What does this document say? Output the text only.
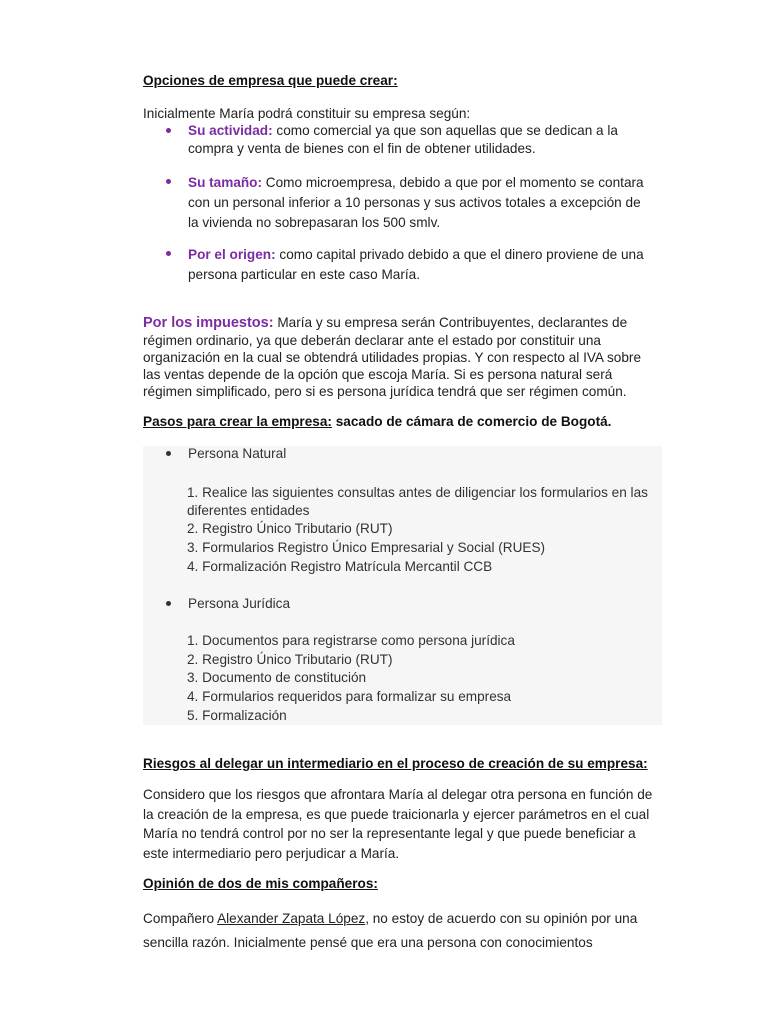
Opciones de empresa que puede crear:
Inicialmente María podrá constituir su empresa según:
Su actividad: como comercial ya que son aquellas que se dedican a la
compra y venta de bienes con el fin de obtener utilidades.
Su tamaño: Como microempresa, debido a que por el momento se contara
con un personal inferior a 10 personas y sus activos totales a excepción de
la vivienda no sobrepasaran los 500 smlv.
Por el origen: como capital privado debido a que el dinero proviene de una
persona particular en este caso María.
Por los impuestos: María y su empresa serán Contribuyentes, declarantes de
régimen ordinario, ya que deberán declarar ante el estado por constituir una
organización en la cual se obtendrá utilidades propias. Y con respecto al IVA sobre
las ventas depende de la opción que escoja María. Si es persona natural será
régimen simplificado, pero si es persona jurídica tendrá que ser régimen común.
Pasos para crear la empresa: sacado de cámara de comercio de Bogotá.
Persona Natural
1. Realice las siguientes consultas antes de diligenciar los formularios en las
diferentes entidades
2. Registro Único Tributario (RUT)
3. Formularios Registro Único Empresarial y Social (RUES)
4. Formalización Registro Matrícula Mercantil CCB
Persona Jurídica
1. Documentos para registrarse como persona jurídica
2. Registro Único Tributario (RUT)
3. Documento de constitución
4. Formularios requeridos para formalizar su empresa
5. Formalización
Riesgos al delegar un intermediario en el proceso de creación de su empresa:
Considero que los riesgos que afrontara María al delegar otra persona en función de
la creación de la empresa, es que puede traicionarla y ejercer parámetros en el cual
María no tendrá control por no ser la representante legal y que puede beneficiar a
este intermediario pero perjudicar a María.
Opinión de dos de mis compañeros:
Compañero Alexander Zapata López, no estoy de acuerdo con su opinión por una
sencilla razón. Inicialmente pensé que era una persona con conocimientos
